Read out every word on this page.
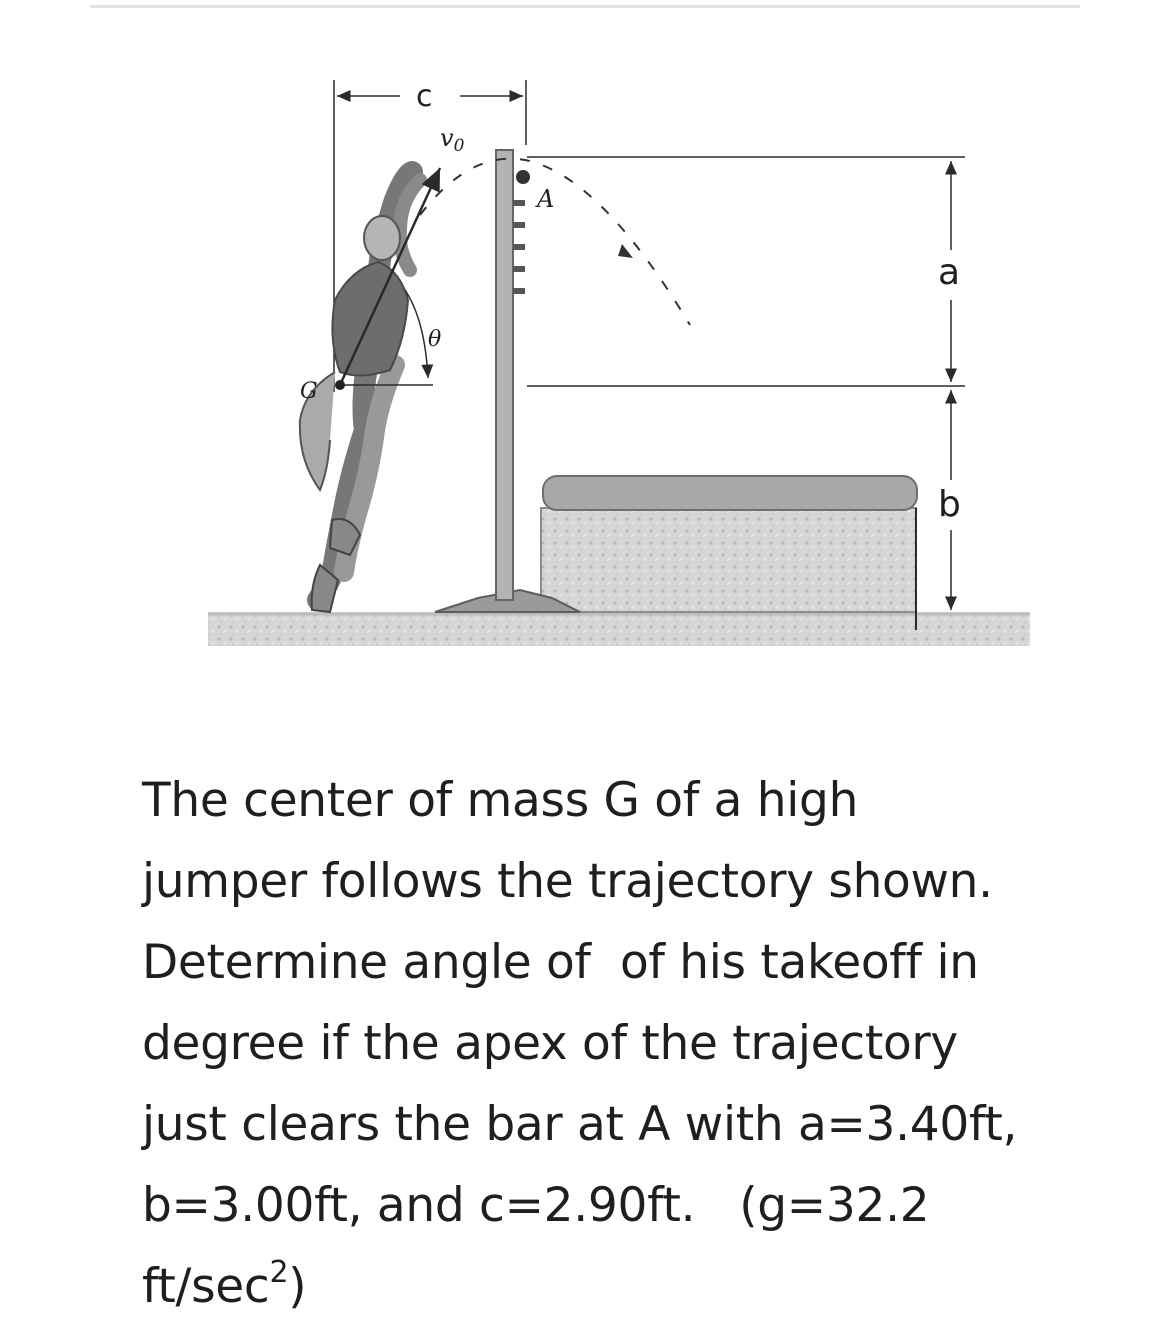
c
a
b
$v_0$
θ
G
A
The center of mass G of a high
jumper follows the trajectory shown.
Determine angle of  of his takeoff in
degree if the apex of the trajectory
just clears the bar at A with a=3.40ft,
b=3.00ft, and c=2.90ft.   (g=32.2
$ft/\sec^2$)
